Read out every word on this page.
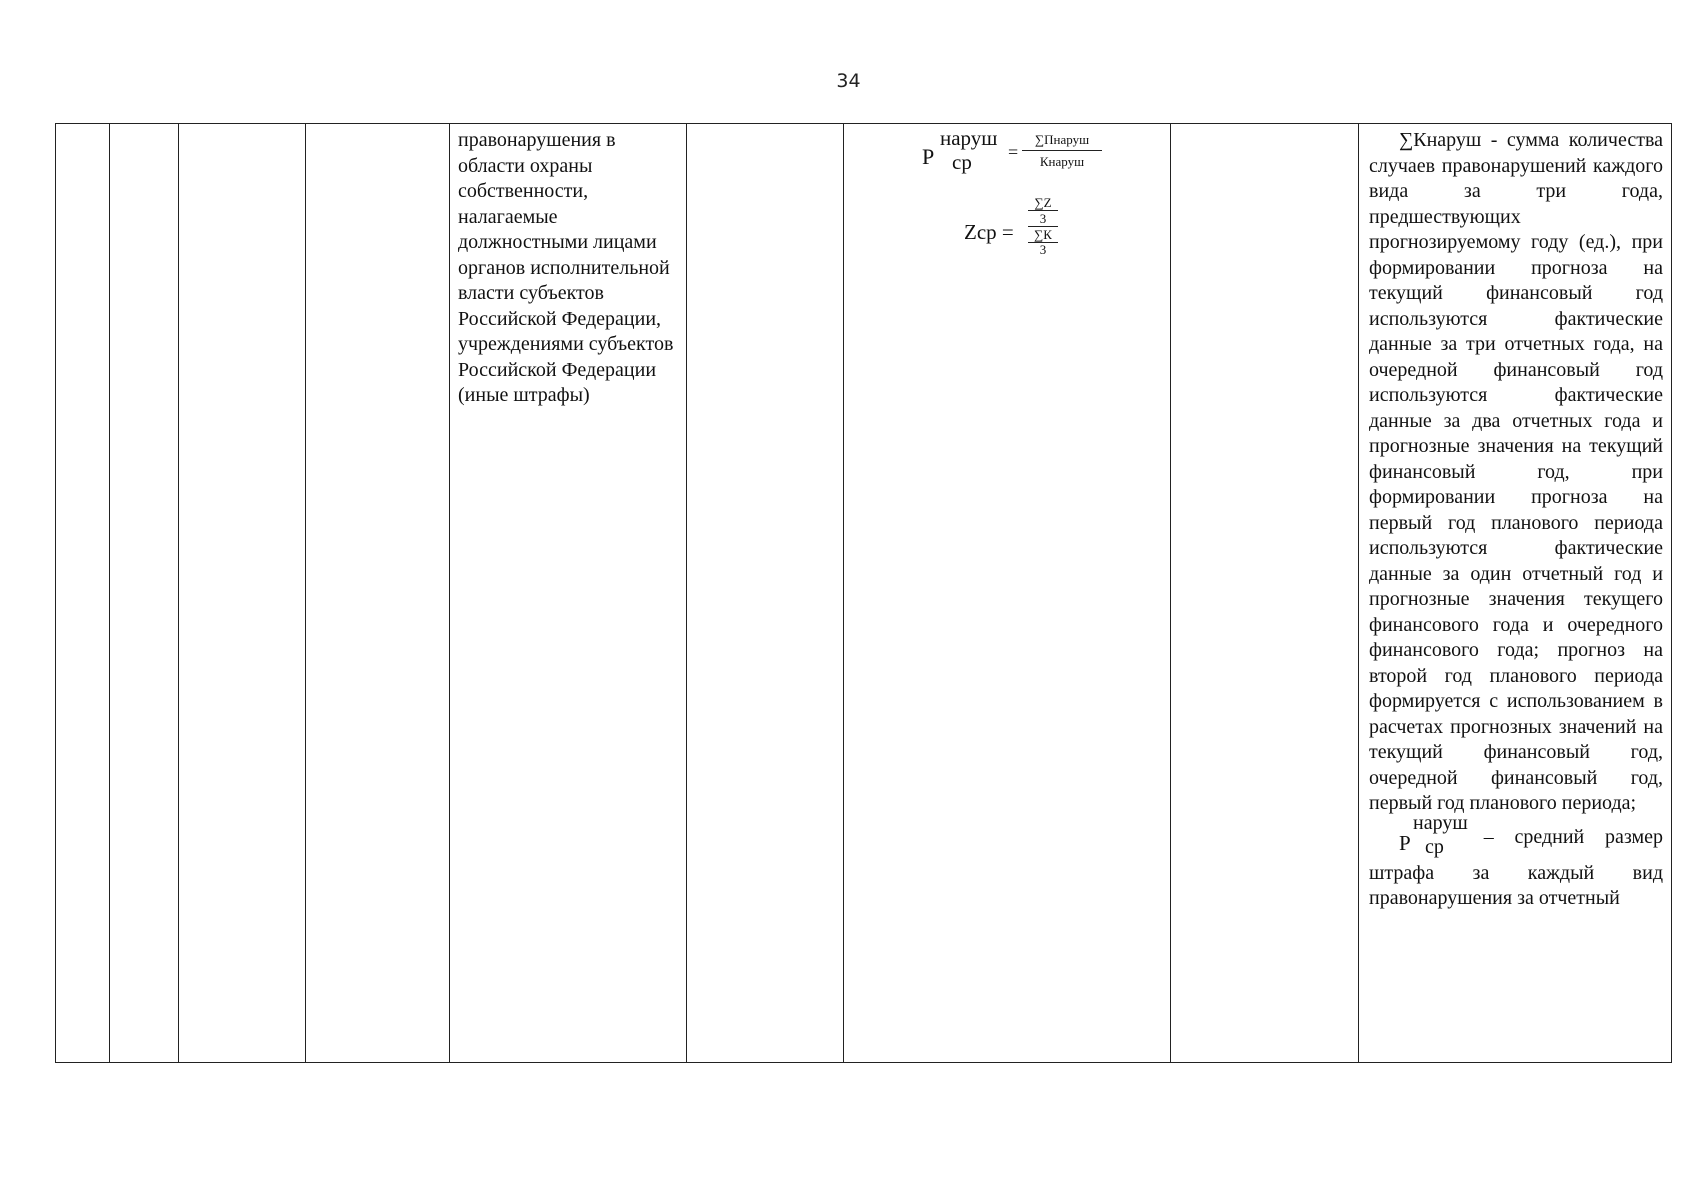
34

правонарушения в области охраны собственности, налагаемые должностными лицами органов исполнительной власти субъектов Российской Федерации, учреждениями субъектов Российской Федерации (иные штрафы)

Р
наруш
ср =
∑Пнаруш
Кнаруш
Zср =
∑Z
3
∑К
3

∑Кнаруш - сумма количества случаев правонарушений каждого вида за три года, предшествующих прогнозируемому году (ед.), при формировании прогноза на текущий финансовый год используются фактические данные за три отчетных года, на очередной финансовый год используются фактические данные за два отчетных года и прогнозные значения на текущий финансовый год, при формировании прогноза на первый год планового периода используются фактические данные за один отчетный год и прогнозные значения текущего финансового года и очередного финансового года; прогноз на второй год планового периода формируется с использованием в расчетах прогнозных значений на текущий финансовый год, очередной финансовый год, первый год планового периода;

Р
наруш
ср – средний размер штрафа за каждый вид правонарушения за отчетный
